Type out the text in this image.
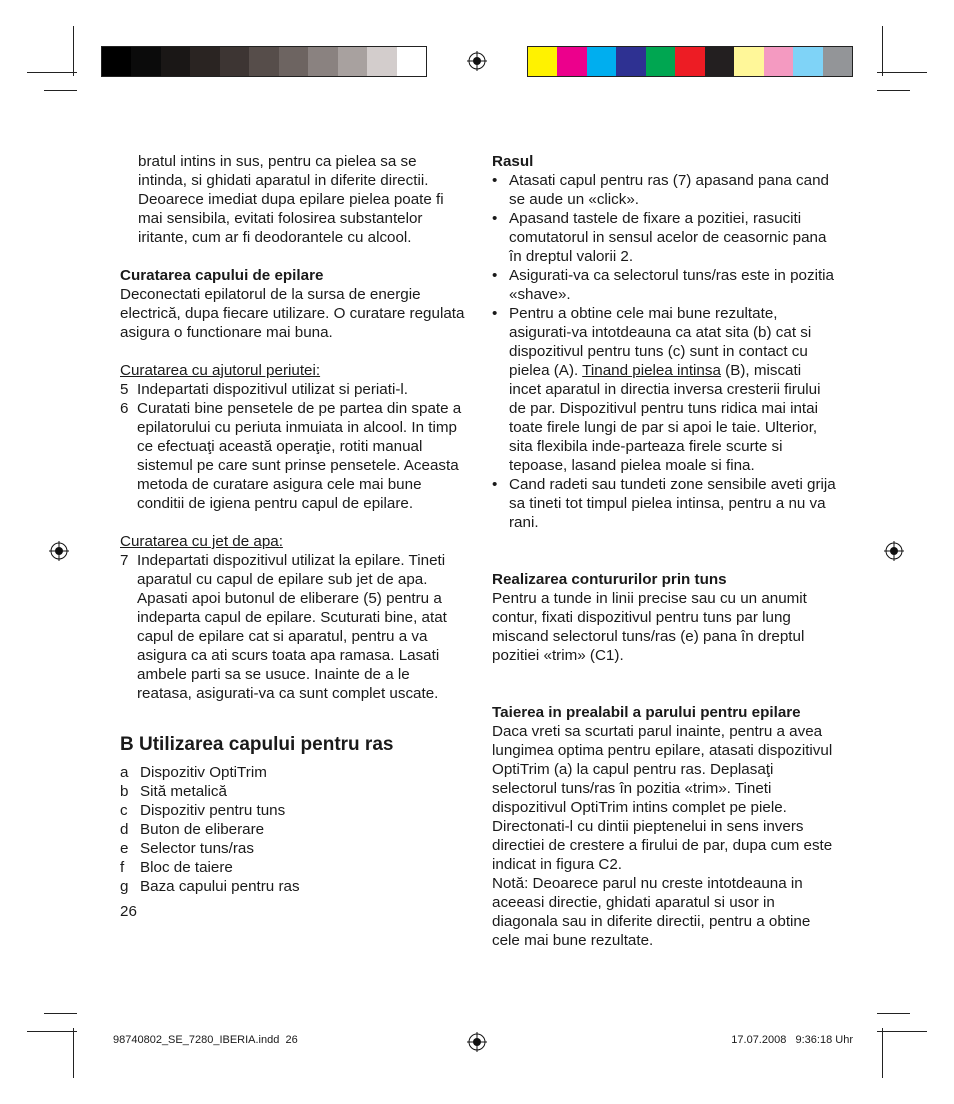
bratul intins in sus, pentru ca pielea sa se intinda, si ghidati aparatul in diferite directii. Deoarece imediat dupa epilare pielea poate fi mai sensibila, evitati folosirea substantelor iritante, cum ar fi deodorantele cu alcool.

Curatarea capului de epilare

Deconectati epilatorul de la sursa de energie electrică, dupa fiecare utilizare. O curatare regulata asigura o functionare mai buna.

Curatarea cu ajutorul periutei:

5 Indepartati dispozitivul utilizat si periati-l.
6 Curatati bine pensetele de pe partea din spate a epilatorului cu periuta inmuiata in alcool. In timp ce efectuaţi această operaţie, rotiti manual sistemul pe care sunt prinse pensetele. Aceasta metoda de curatare asigura cele mai bune conditii de igiena pentru capul de epilare.

Curatarea cu jet de apa:

7 Indepartati dispozitivul utilizat la epilare. Tineti aparatul cu capul de epilare sub jet de apa. Apasati apoi butonul de eliberare (5) pentru a indeparta capul de epilare. Scuturati bine, atat capul de epilare cat si aparatul, pentru a va asigura ca ati scurs toata apa ramasa. Lasati ambele parti sa se usuce. Inainte de a le reatasa, asigurati-va ca sunt complet uscate.

B Utilizarea capului pentru ras

a Dispozitiv OptiTrim
b Sită metalică
c Dispozitiv pentru tuns
d Buton de eliberare
e Selector tuns/ras
f	Bloc de taiere
g Baza capului pentru ras

26

Rasul

• Atasati capul pentru ras (7) apasand pana cand se aude un «click».
• Apasand tastele de fixare a pozitiei, rasuciti comutatorul in sensul acelor de ceasornic pana în dreptul valorii 2.
• Asigurati-va ca selectorul tuns/ras este in pozitia «shave».
• Pentru a obtine cele mai bune rezultate, asigurati-va intotdeauna ca atat sita (b) cat si dispozitivul pentru tuns (c) sunt in contact cu pielea (A). Tinand pielea intinsa (B), miscati incet aparatul in directia inversa cresterii firului de par. Dispozitivul pentru tuns ridica mai intai toate firele lungi de par si apoi le taie. Ulterior, sita flexibila inde-parteaza firele scurte si tepoase, lasand pielea moale si fina.
• Cand radeti sau tundeti zone sensibile aveti grija sa tineti tot timpul pielea intinsa, pentru a nu va rani.

Realizarea contururilor prin tuns

Pentru a tunde in linii precise sau cu un anumit contur, fixati dispozitivul pentru tuns par lung miscand selectorul tuns/ras (e) pana în dreptul pozitiei «trim» (C1).

Taierea in prealabil a parului pentru epilare

Daca vreti sa scurtati parul inainte, pentru a avea lungimea optima pentru epilare, atasati dispozitivul OptiTrim (a) la capul pentru ras. Deplasaţi selectorul tuns/ras în pozitia «trim». Tineti dispozitivul OptiTrim intins complet pe piele. Directonati-l cu dintii pieptenelui in sens invers directiei de crestere a firului de par, dupa cum este indicat in figura C2.

Notă: Deoarece parul nu creste intotdeauna in aceeasi directie, ghidati aparatul si usor in diagonala sau in diferite directii, pentru a obtine cele mai bune rezultate.

98740802_SE_7280_IBERIA.indd 26	17.07.2008   9:36:18 Uhr
